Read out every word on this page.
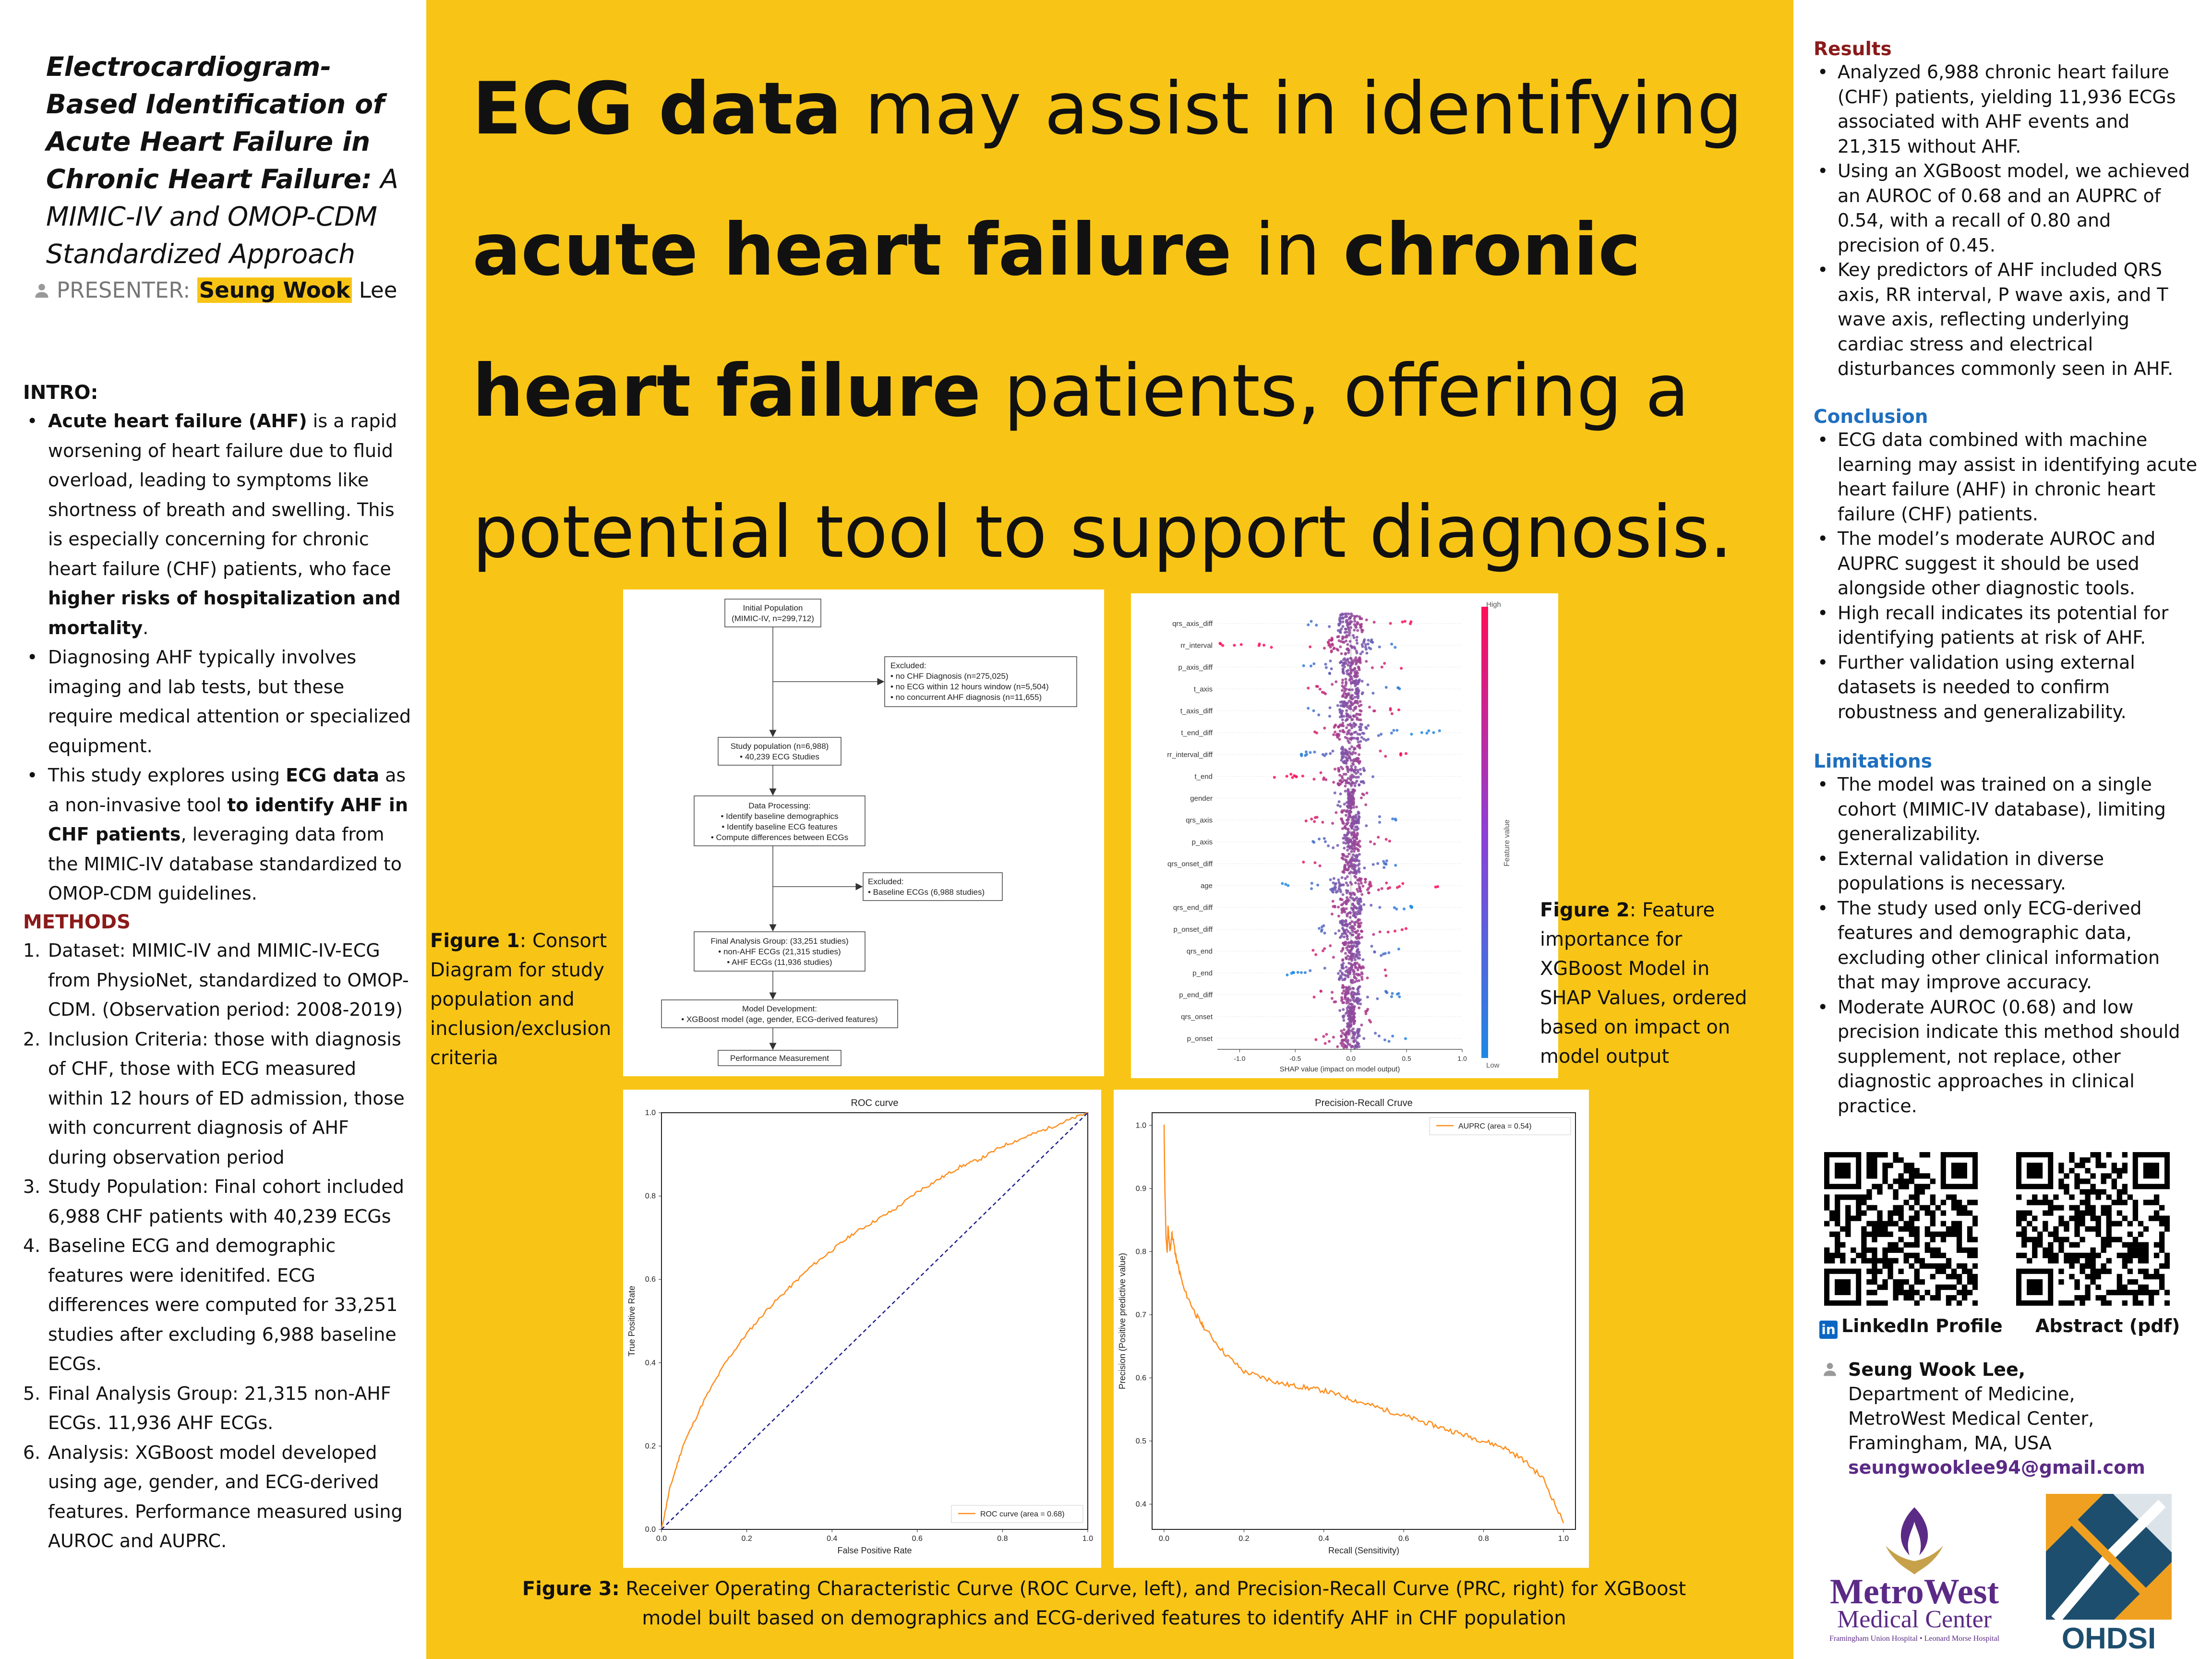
Electrocardiogram-Based Identification of Acute Heart Failure in Chronic Heart Failure: A MIMIC-IV and OMOP-CDM Standardized Approach
PRESENTER: Seung Wook Lee
INTRO:
• Acute heart failure (AHF) is a rapid worsening of heart failure due to fluid overload, leading to symptoms like shortness of breath and swelling. This is especially concerning for chronic heart failure (CHF) patients, who face higher risks of hospitalization and mortality.
• Diagnosing AHF typically involves imaging and lab tests, but these require medical attention or specialized equipment.
• This study explores using ECG data as a non-invasive tool to identify AHF in CHF patients, leveraging data from the MIMIC-IV database standardized to OMOP-CDM guidelines.
METHODS
1. Dataset: MIMIC-IV and MIMIC-IV-ECG from PhysioNet, standardized to OMOP-CDM. (Observation period: 2008-2019)
2. Inclusion Criteria: those with diagnosis of CHF, those with ECG measured within 12 hours of ED admission, those with concurrent diagnosis of AHF during observation period
3. Study Population: Final cohort included 6,988 CHF patients with 40,239 ECGs
4. Baseline ECG and demographic features were idenitifed. ECG differences were computed for 33,251 studies after excluding 6,988 baseline ECGs.
5. Final Analysis Group: 21,315 non-AHF ECGs. 11,936 AHF ECGs.
6. Analysis: XGBoost model developed using age, gender, and ECG-derived features. Performance measured using AUROC and AUPRC.
ECG data may assist in identifying acute heart failure in chronic heart failure patients, offering a potential tool to support diagnosis.
Initial Population
(MIMIC-IV, n=299,712)
Excluded:
• no CHF Diagnosis (n=275,025)
• no ECG within 12 hours window (n=5,504)
• no concurrent AHF diagnosis (n=11,655)
Study population (n=6,988)
• 40,239 ECG Studies
Data Processing:
• Identify baseline demographics
• Identify baseline ECG features
• Compute differences between ECGs
Excluded:
• Baseline ECGs (6,988 studies)
Final Analysis Group: (33,251 studies)
• non-AHF ECGs (21,315 studies)
• AHF ECGs (11,936 studies)
Model Development:
• XGBoost model (age, gender, ECG-derived features)
Performance Measurement
Figure 1: Consort Diagram for study population and inclusion/exclusion criteria
qrs_axis_diff
rr_interval
p_axis_diff
t_axis
t_axis_diff
t_end_diff
rr_interval_diff
t_end
gender
qrs_axis
p_axis
qrs_onset_diff
age
qrs_end_diff
p_onset_diff
qrs_end
p_end
p_end_diff
qrs_onset
p_onset
-1.0	-0.5	0.0	0.5	1.0
SHAP value (impact on model output)
High
Low
Feature value
Figure 2: Feature importance for XGBoost Model in SHAP Values, ordered based on impact on model output
ROC curve
0.0	0.2	0.4	0.6	0.8	1.0
0.0
0.2
0.4
0.6
0.8
1.0
False Positive Rate
True Positive Rate
ROC curve (area = 0.68)
Precision-Recall Cruve
0.0	0.2	0.4	0.6	0.8	1.0
0.4
0.5
0.6
0.7
0.8
0.9
1.0
Recall (Sensitivity)
Precision (Positive predictive value)
AUPRC (area = 0.54)
Figure 3: Receiver Operating Characteristic Curve (ROC Curve, left), and Precision-Recall Curve (PRC, right) for XGBoost model built based on demographics and ECG-derived features to identify AHF in CHF population
Results
• Analyzed 6,988 chronic heart failure (CHF) patients, yielding 11,936 ECGs associated with AHF events and 21,315 without AHF.
• Using an XGBoost model, we achieved an AUROC of 0.68 and an AUPRC of 0.54, with a recall of 0.80 and precision of 0.45.
• Key predictors of AHF included QRS axis, RR interval, P wave axis, and T wave axis, reflecting underlying cardiac stress and electrical disturbances commonly seen in AHF.
Conclusion
• ECG data combined with machine learning may assist in identifying acute heart failure (AHF) in chronic heart failure (CHF) patients.
• The model’s moderate AUROC and AUPRC suggest it should be used alongside other diagnostic tools.
• High recall indicates its potential for identifying patients at risk of AHF.
• Further validation using external datasets is needed to confirm robustness and generalizability.
Limitations
• The model was trained on a single cohort (MIMIC-IV database), limiting generalizability.
• External validation in diverse populations is necessary.
• The study used only ECG-derived features and demographic data, excluding other clinical information that may improve accuracy.
• Moderate AUROC (0.68) and low precision indicate this method should supplement, not replace, other diagnostic approaches in clinical practice.
in LinkedIn Profile Abstract (pdf)
Seung Wook Lee,
Department of Medicine,
MetroWest Medical Center,
Framingham, MA, USA
seungwooklee94@gmail.com
MetroWest
Medical Center
Framingham Union Hospital • Leonard Morse Hospital OHDSI
